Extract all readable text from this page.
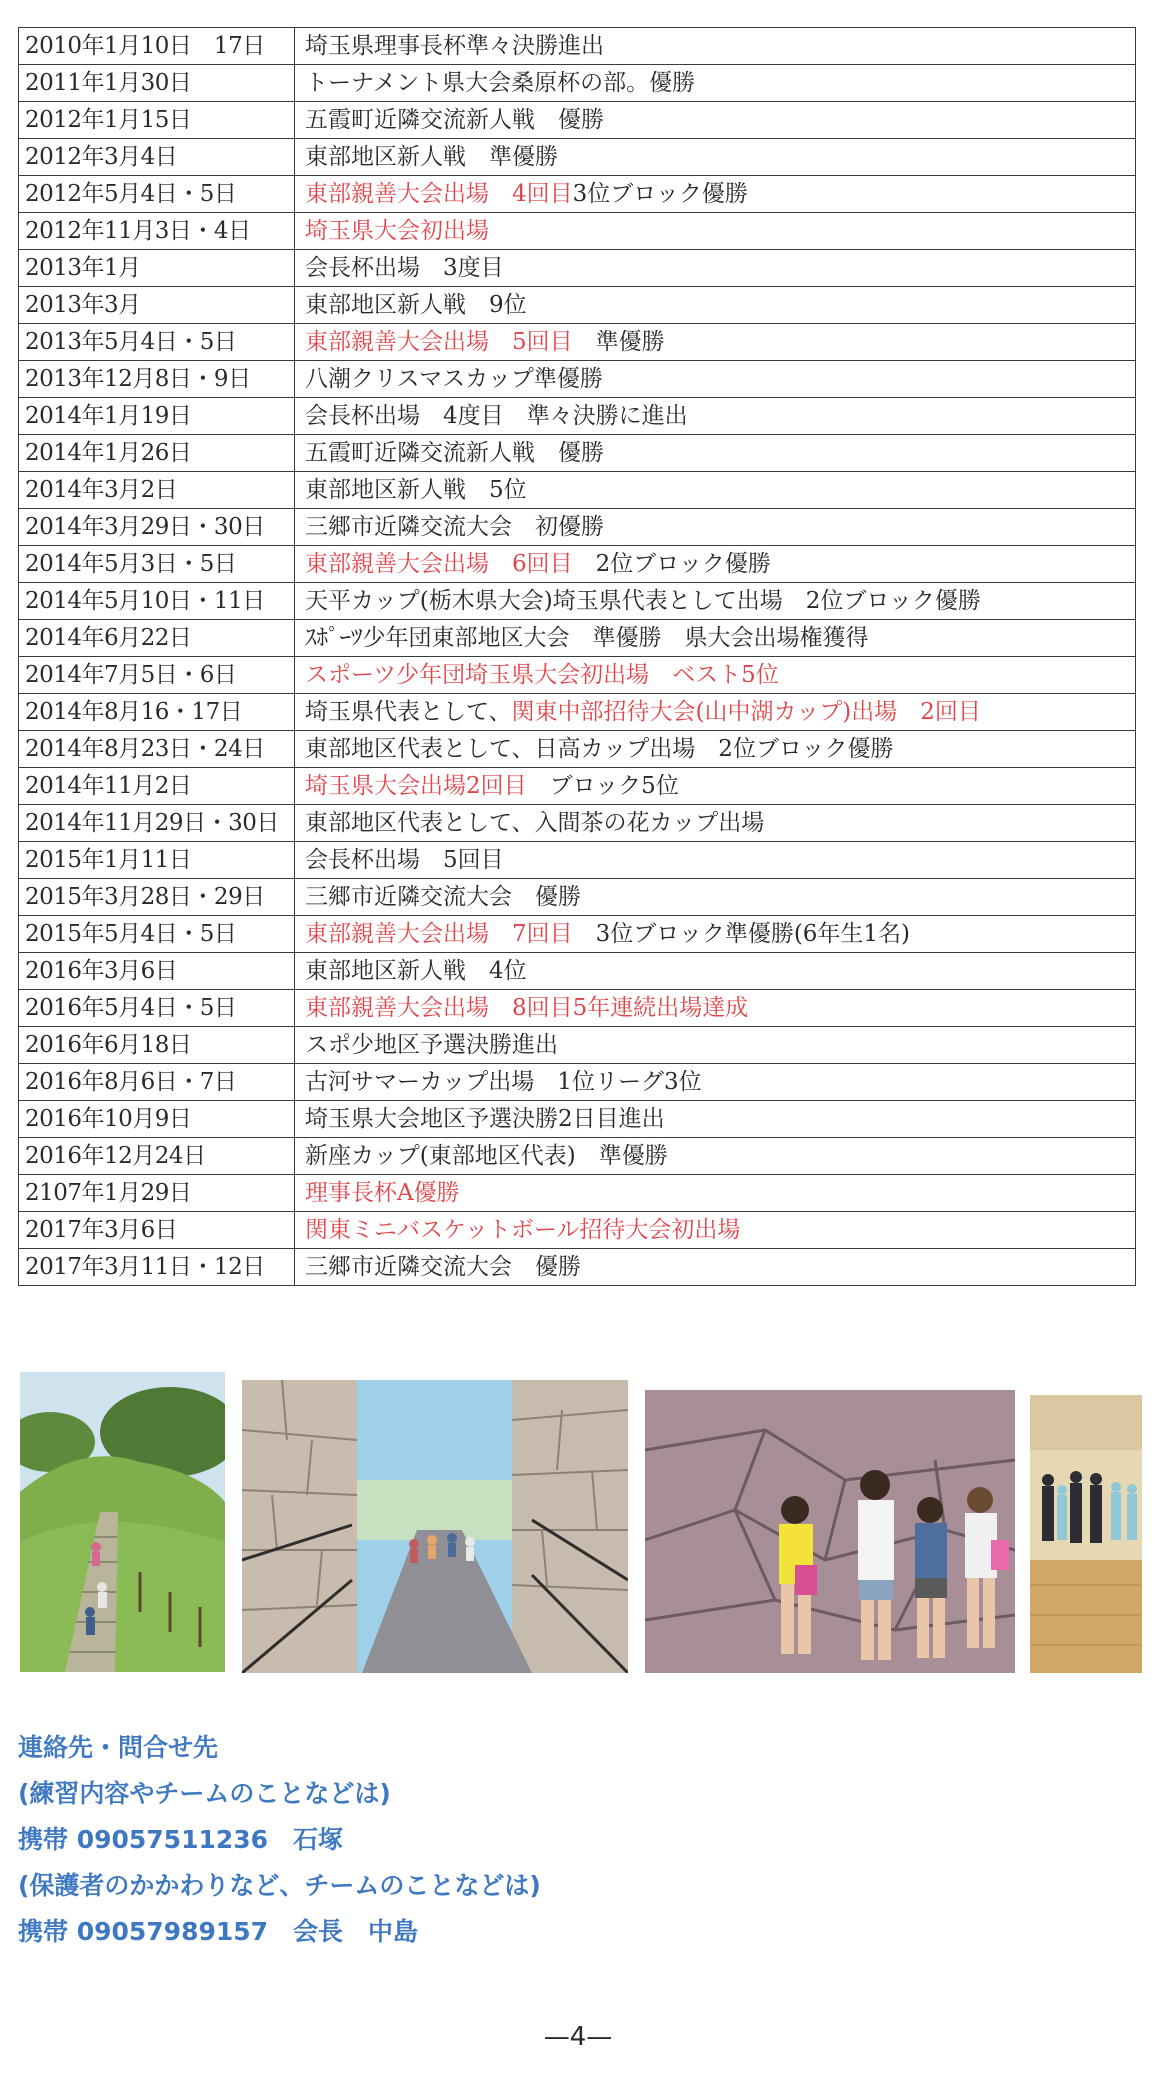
2010年1月10日　17日	埼玉県理事長杯準々決勝進出
2011年1月30日	トーナメント県大会桑原杯の部。優勝
2012年1月15日	五霞町近隣交流新人戦　優勝
2012年3月4日	東部地区新人戦　準優勝
2012年5月4日・5日	東部親善大会出場　4回目3位ブロック優勝
2012年11月3日・4日	埼玉県大会初出場
2013年1月	会長杯出場　3度目
2013年3月	東部地区新人戦　9位
2013年5月4日・5日	東部親善大会出場　5回目　準優勝
2013年12月8日・9日	八潮クリスマスカップ準優勝
2014年1月19日	会長杯出場　4度目　準々決勝に進出
2014年1月26日	五霞町近隣交流新人戦　優勝
2014年3月2日	東部地区新人戦　5位
2014年3月29日・30日	三郷市近隣交流大会　初優勝
2014年5月3日・5日	東部親善大会出場　6回目　2位ブロック優勝
2014年5月10日・11日	天平カップ(栃木県大会)埼玉県代表として出場　2位ブロック優勝
2014年6月22日	ｽﾎﾟｰﾂ少年団東部地区大会　準優勝　県大会出場権獲得
2014年7月5日・6日	スポーツ少年団埼玉県大会初出場　ベスト5位
2014年8月16・17日	埼玉県代表として、関東中部招待大会(山中湖カップ)出場　2回目
2014年8月23日・24日	東部地区代表として、日高カップ出場　2位ブロック優勝
2014年11月2日	埼玉県大会出場2回目　ブロック5位
2014年11月29日・30日	東部地区代表として、入間茶の花カップ出場
2015年1月11日	会長杯出場　5回目
2015年3月28日・29日	三郷市近隣交流大会　優勝
2015年5月4日・5日	東部親善大会出場　7回目　3位ブロック準優勝(6年生1名)
2016年3月6日	東部地区新人戦　4位
2016年5月4日・5日	東部親善大会出場　8回目5年連続出場達成
2016年6月18日	スポ少地区予選決勝進出
2016年8月6日・7日	古河サマーカップ出場　1位リーグ3位
2016年10月9日	埼玉県大会地区予選決勝2日目進出
2016年12月24日	新座カップ(東部地区代表)　準優勝
2107年1月29日	理事長杯A優勝
2017年3月6日	関東ミニバスケットボール招待大会初出場
2017年3月11日・12日	三郷市近隣交流大会　優勝
連絡先・問合せ先
(練習内容やチームのことなどは)
携帯 09057511236　石塚
(保護者のかかわりなど、チームのことなどは)
携帯 09057989157　会長　中島
—4—
